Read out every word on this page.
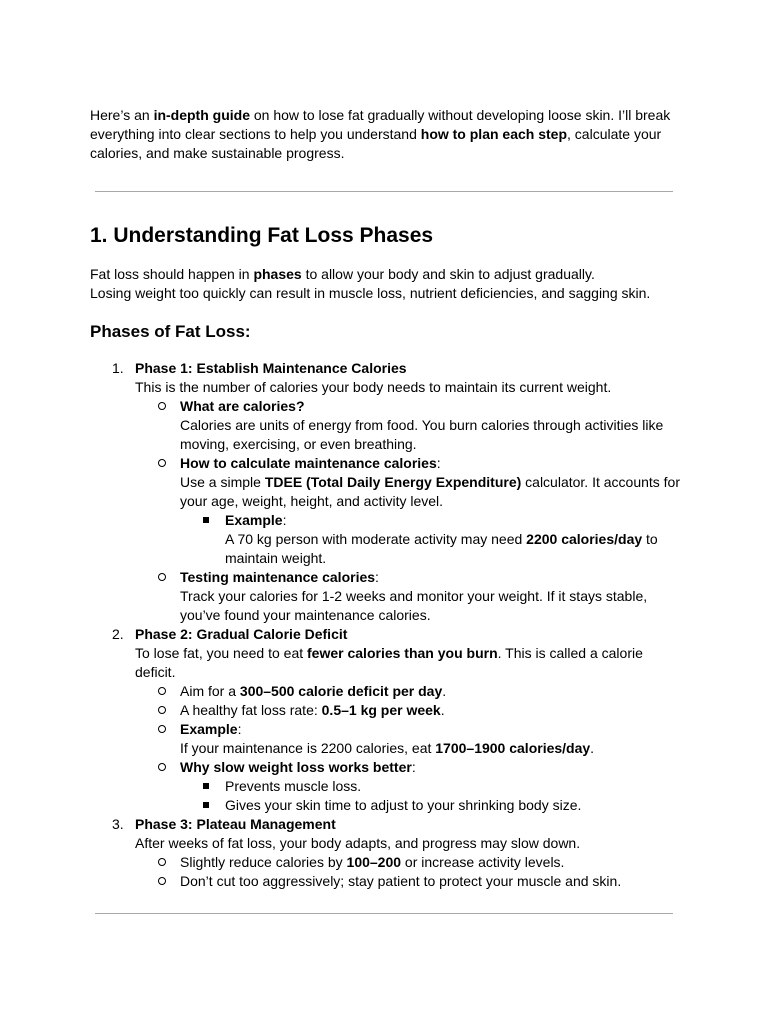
Here’s an in-depth guide on how to lose fat gradually without developing loose skin. I’ll break everything into clear sections to help you understand how to plan each step, calculate your calories, and make sustainable progress.

1. Understanding Fat Loss Phases

Fat loss should happen in phases to allow your body and skin to adjust gradually.

Losing weight too quickly can result in muscle loss, nutrient deficiencies, and sagging skin.

Phases of Fat Loss:
1. Phase 1: Establish Maintenance Calories
This is the number of calories your body needs to maintain its current weight.
What are calories?
Calories are units of energy from food. You burn calories through activities like moving, exercising, or even breathing.
How to calculate maintenance calories:
Use a simple TDEE (Total Daily Energy Expenditure) calculator. It accounts for your age, weight, height, and activity level.
Example:
A 70 kg person with moderate activity may need 2200 calories/day to maintain weight.
Testing maintenance calories:
Track your calories for 1-2 weeks and monitor your weight. If it stays stable, you’ve found your maintenance calories.
2. Phase 2: Gradual Calorie Deficit
To lose fat, you need to eat fewer calories than you burn. This is called a calorie deficit.
Aim for a 300–500 calorie deficit per day.
A healthy fat loss rate: 0.5–1 kg per week.
Example:
If your maintenance is 2200 calories, eat 1700–1900 calories/day.
Why slow weight loss works better:
Prevents muscle loss.
Gives your skin time to adjust to your shrinking body size.
3. Phase 3: Plateau Management
After weeks of fat loss, your body adapts, and progress may slow down.
Slightly reduce calories by 100–200 or increase activity levels.
Don’t cut too aggressively; stay patient to protect your muscle and skin.
